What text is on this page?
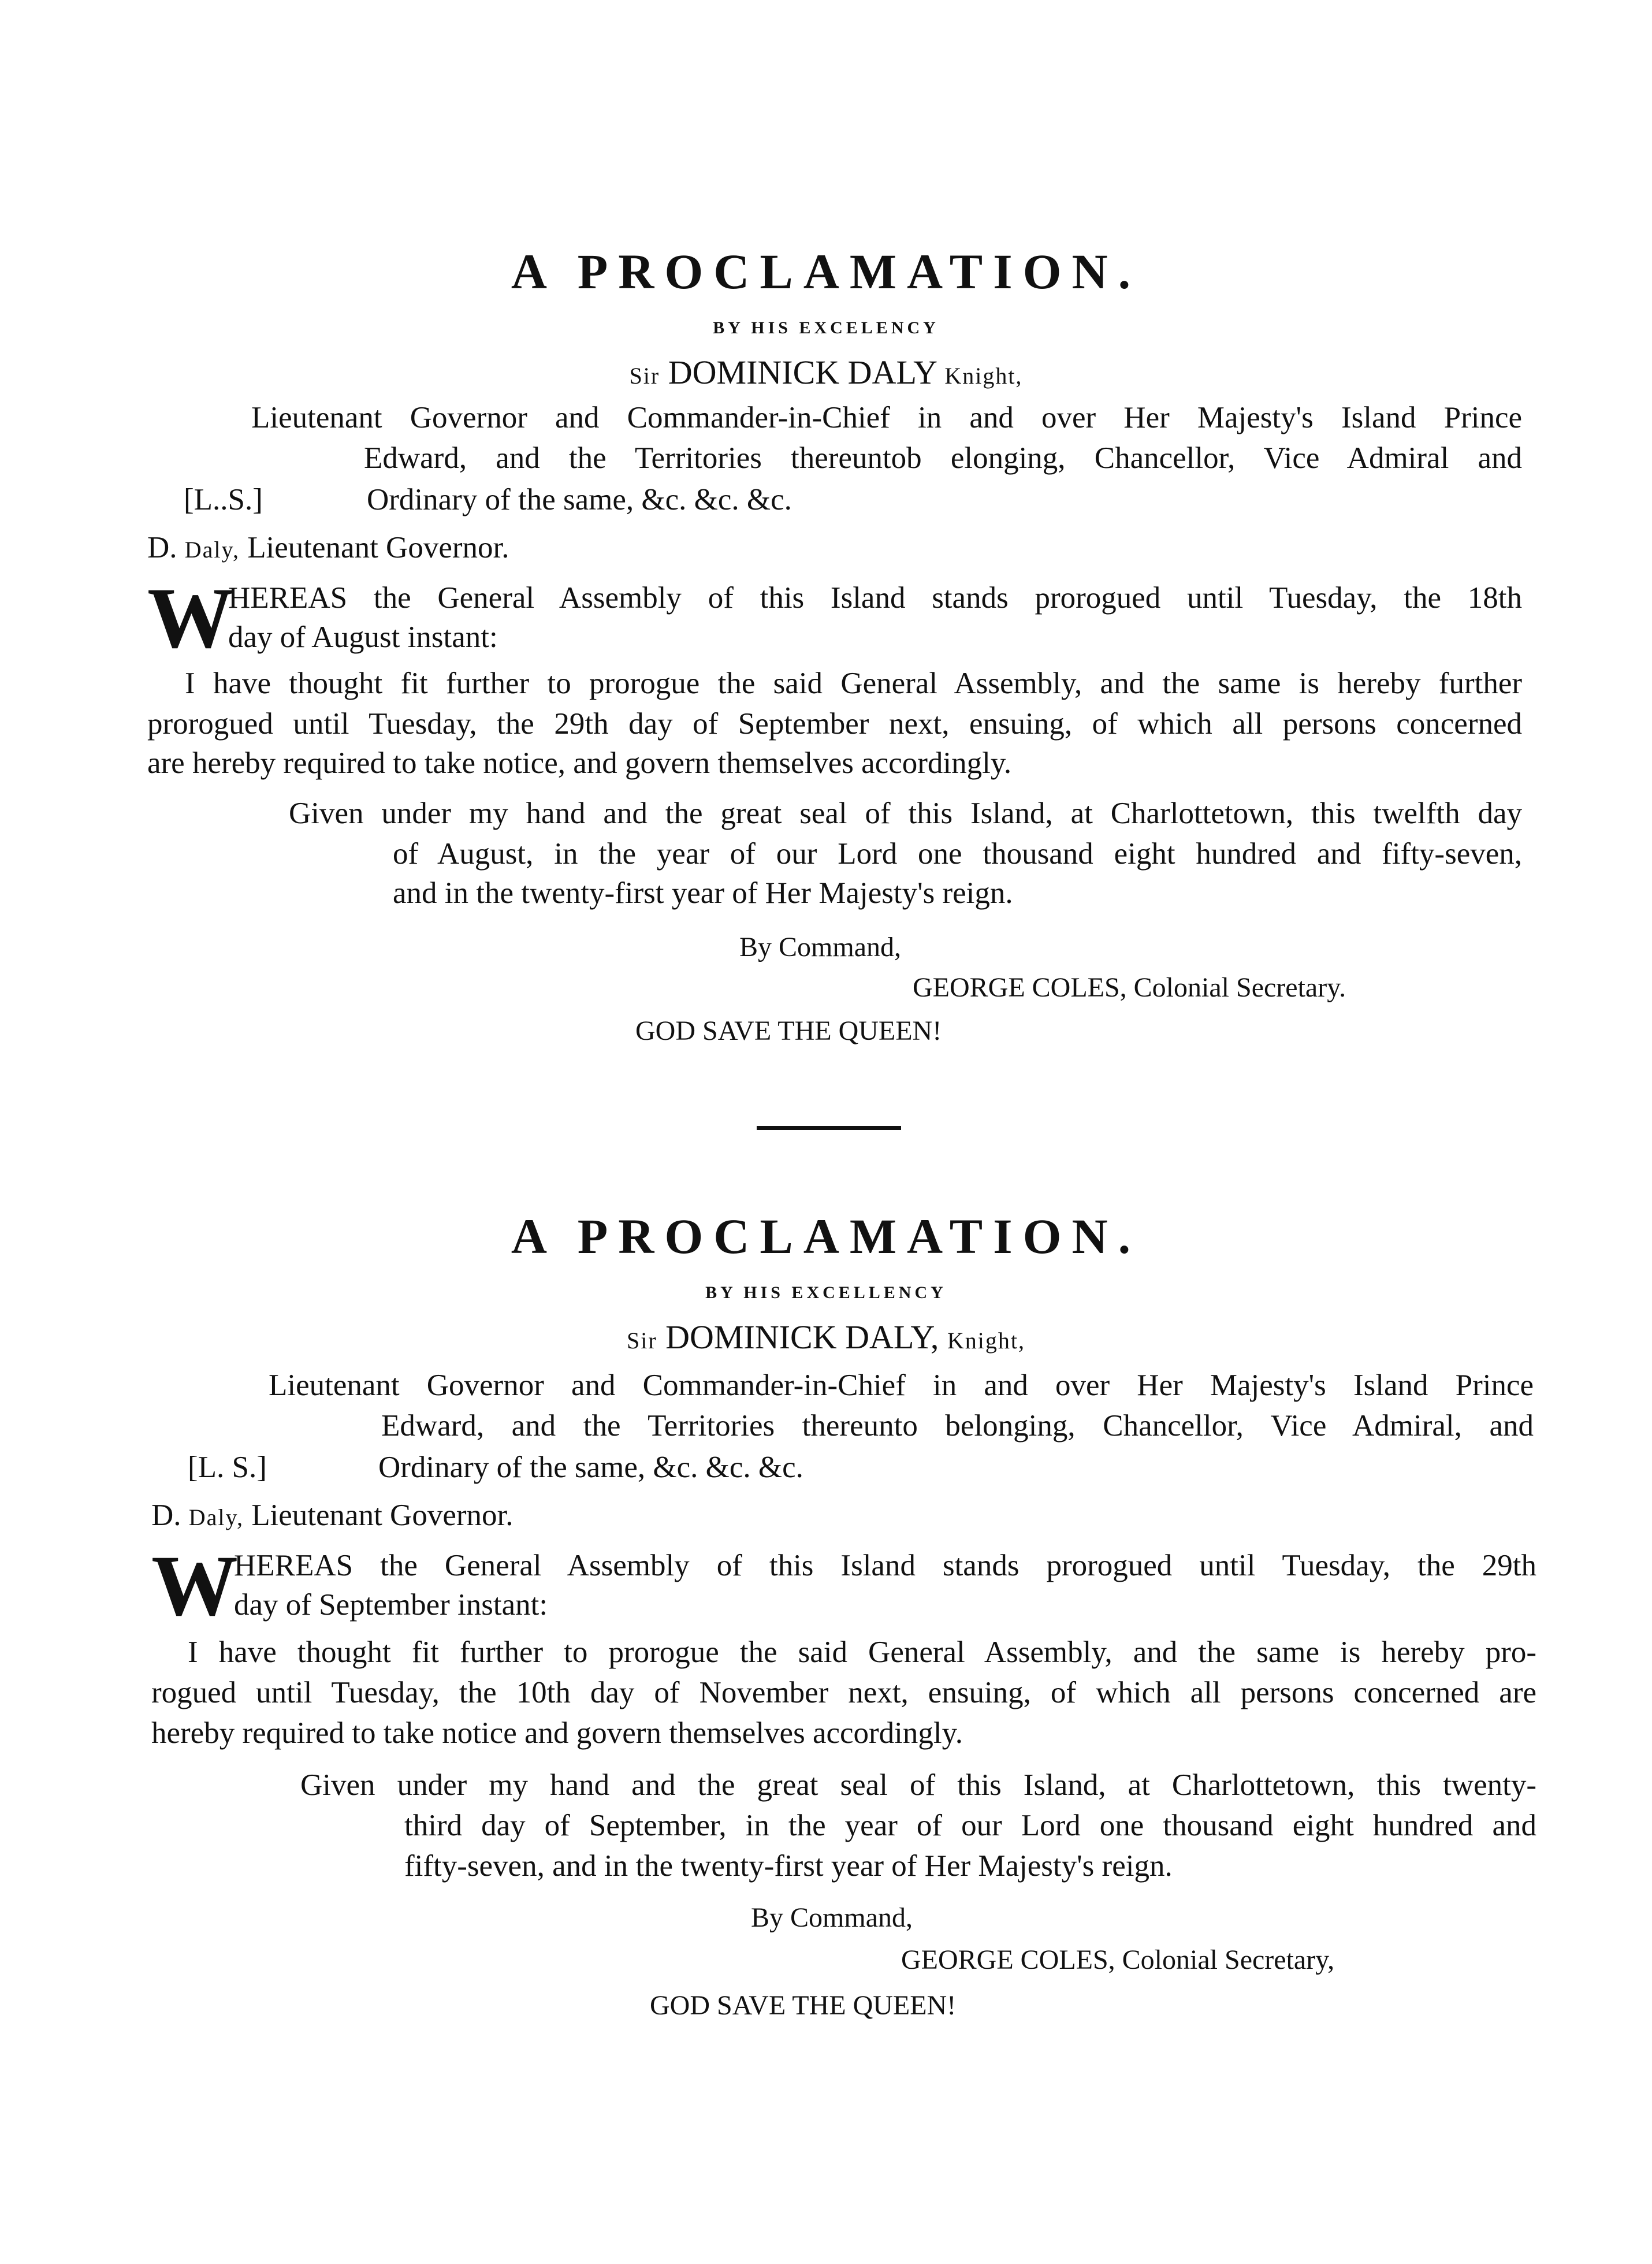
A PROCLAMATION.
BY HIS EXCELENCY
Sir DOMINICK DALY Knight,
Lieutenant Governor and Commander-in-Chief in and over Her Majesty's Island Prince
Edward, and the Territories thereuntob elonging, Chancellor, Vice Admiral and
[L..S.]	Ordinary of the same, &c. &c. &c.
D. Daly, Lieutenant Governor.
W
HEREAS the General Assembly of this Island stands prorogued until Tuesday, the 18th
day of August instant:
I have thought fit further to prorogue the said General Assembly, and the same is hereby further
prorogued until Tuesday, the 29th day of September next, ensuing, of which all persons concerned
are hereby required to take notice, and govern themselves accordingly.
Given under my hand and the great seal of this Island, at Charlottetown, this twelfth day
of August, in the year of our Lord one thousand eight hundred and fifty-seven,
and in the twenty-first year of Her Majesty's reign.
By Command,
GEORGE COLES, Colonial Secretary.
GOD SAVE THE QUEEN!
A PROCLAMATION.
BY HIS EXCELLENCY
Sir DOMINICK DALY, Knight,
Lieutenant Governor and Commander-in-Chief in and over Her Majesty's Island Prince
Edward, and the Territories thereunto belonging, Chancellor, Vice Admiral, and
[L. S.]	Ordinary of the same, &c. &c. &c.
D. Daly, Lieutenant Governor.
W
HEREAS the General Assembly of this Island stands prorogued until Tuesday, the 29th
day of September instant:
I have thought fit further to prorogue the said General Assembly, and the same is hereby pro-
rogued until Tuesday, the 10th day of November next, ensuing, of which all persons concerned are
hereby required to take notice and govern themselves accordingly.
Given under my hand and the great seal of this Island, at Charlottetown, this twenty-
third day of September, in the year of our Lord one thousand eight hundred and
fifty-seven, and in the twenty-first year of Her Majesty's reign.
By Command,
GEORGE COLES, Colonial Secretary,
GOD SAVE THE QUEEN!
